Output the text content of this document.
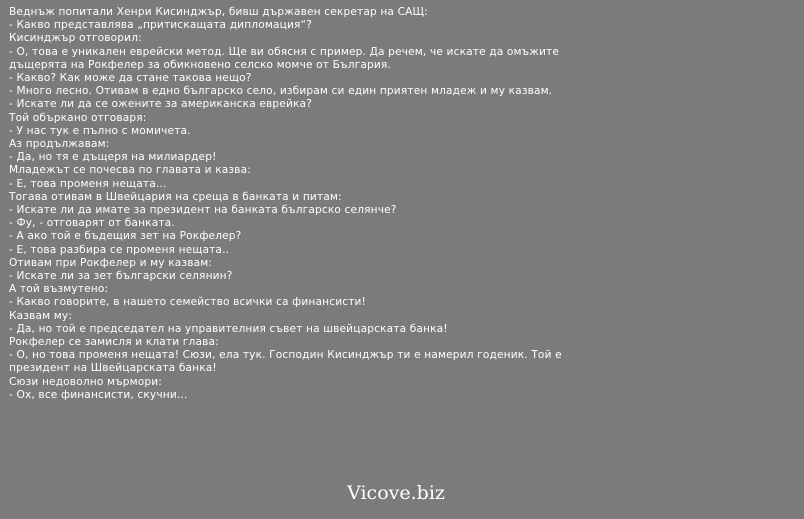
Веднъж попитали Хенри Кисинджър, бивш държавен секретар на САЩ:
- Какво представлява „притискащата дипломация“?
Кисинджър отговорил:
- О, това е уникален еврейски метод. Ще ви обясня с пример. Да речем, че искате да омъжите
дъщерята на Рокфелер за обикновено селско момче от България.
- Какво? Как може да стане такова нещо?
- Много лесно. Отивам в едно българско село, избирам си един приятен младеж и му казвам.
- Искате ли да се ожените за американска еврейка?
Той объркано отговаря:
- У нас тук е пълно с момичета.
Аз продължавам:
- Да, но тя е дъщеря на милиардер!
Младежът се почесва по главата и казва:
- Е, това променя нещата...
Тогава отивам в Швейцария на среща в банката и питам:
- Искате ли да имате за президент на банката българско селянче?
- Фу, - отговарят от банката.
- А ако той е бъдещия зет на Рокфелер?
- Е, това разбира се променя нещата..
Отивам при Рокфелер и му казвам:
- Искате ли за зет български селянин?
А той възмутено:
- Какво говорите, в нашето семейство всички са финансисти!
Казвам му:
- Да, но той е председател на управителния съвет на швейцарската банка!
Рокфелер се замисля и клати глава:
- О, но това променя нещата! Сюзи, ела тук. Господин Кисинджър ти е намерил годеник. Той е
президент на Швейцарската банка!
Сюзи недоволно мърмори:
- Ох, все финансисти, скучни...
Vicove.biz
